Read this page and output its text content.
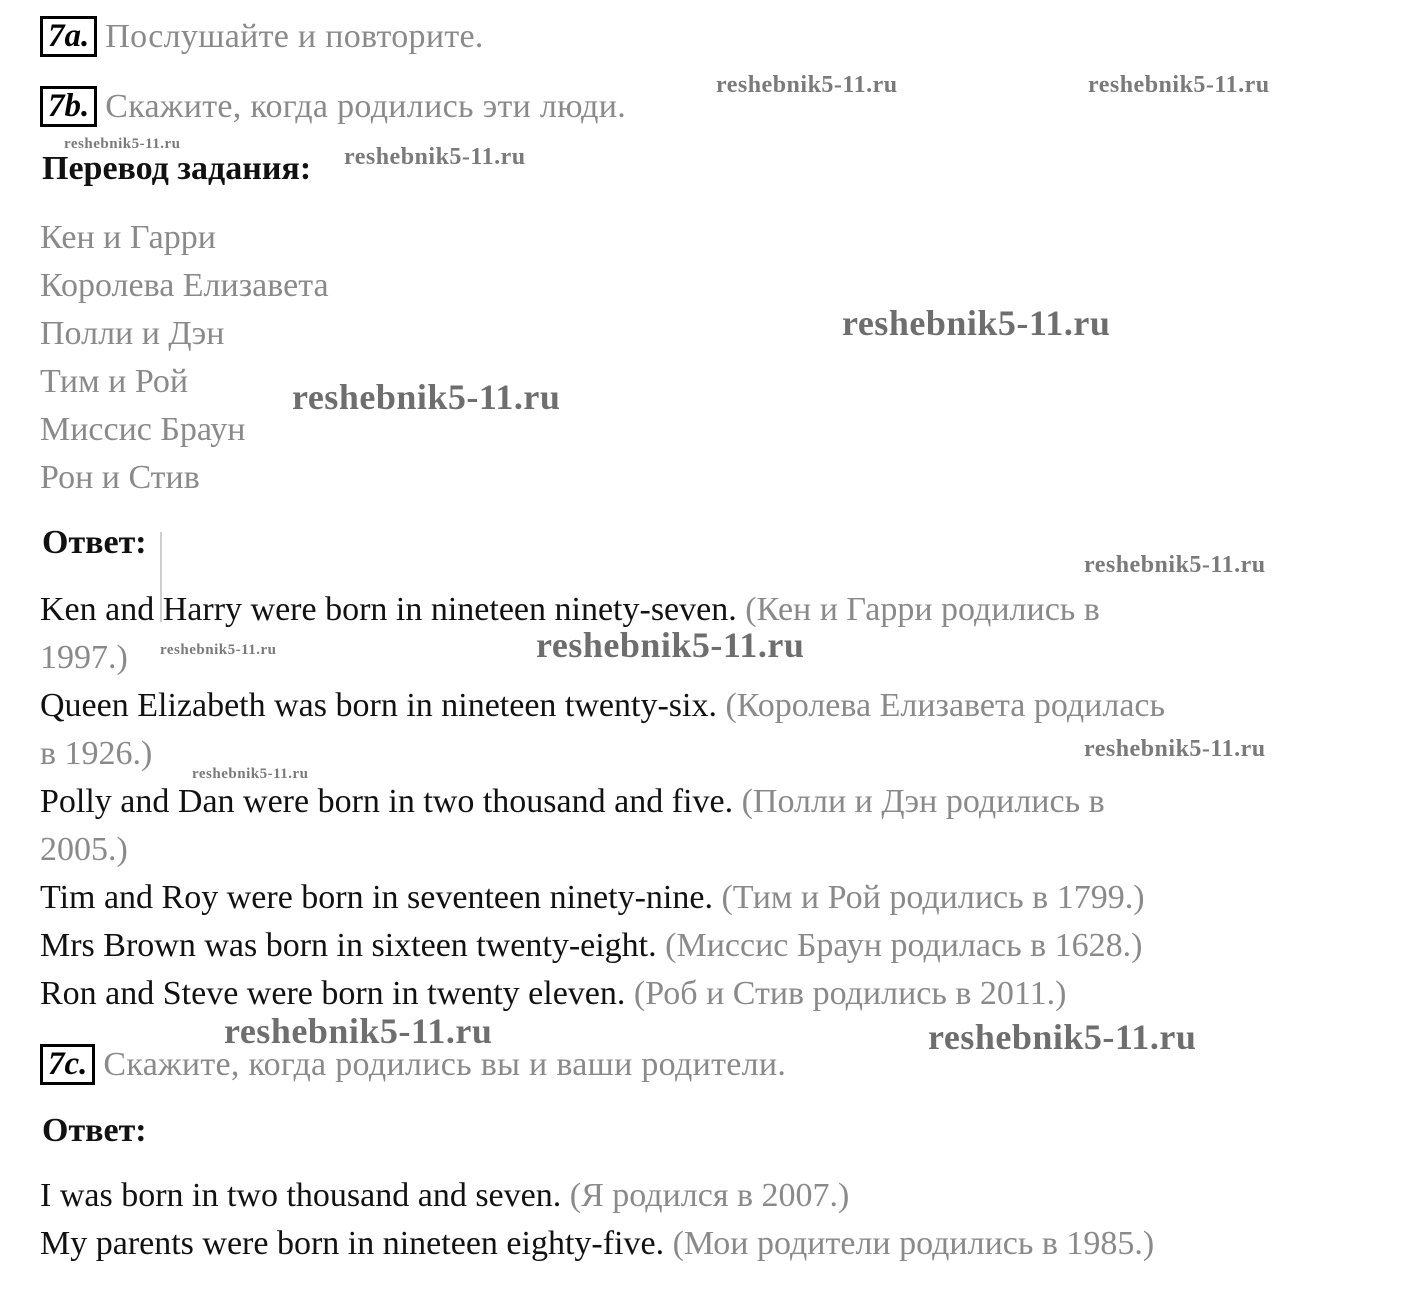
7a. Послушайте и повторите.
7b. Скажите, когда родились эти люди.
Перевод задания:
Кен и Гарри
Королева Елизавета
Полли и Дэн
Тим и Рой
Миссис Браун
Рон и Стив
Ответ:
Ken and Harry were born in nineteen ninety-seven. (Кен и Гарри родились в
1997.)
Queen Elizabeth was born in nineteen twenty-six. (Королева Елизавета родилась
в 1926.)
Polly and Dan were born in two thousand and five. (Полли и Дэн родились в
2005.)
Tim and Roy were born in seventeen ninety-nine. (Тим и Рой родились в 1799.)
Mrs Brown was born in sixteen twenty-eight. (Миссис Браун родилась в 1628.)
Ron and Steve were born in twenty eleven. (Роб и Стив родились в 2011.)
7c. Скажите, когда родились вы и ваши родители.
Ответ:
I was born in two thousand and seven. (Я родился в 2007.)
My parents were born in nineteen eighty-five. (Мои родители родились в 1985.)
reshebnik5-11.ru	reshebnik5-11.ru
reshebnik5-11.ru	reshebnik5-11.ru
reshebnik5-11.ru
reshebnik5-11.ru
reshebnik5-11.ru
reshebnik5-11.ru
reshebnik5-11.ru
reshebnik5-11.ru
reshebnik5-11.ru
reshebnik5-11.ru	reshebnik5-11.ru
